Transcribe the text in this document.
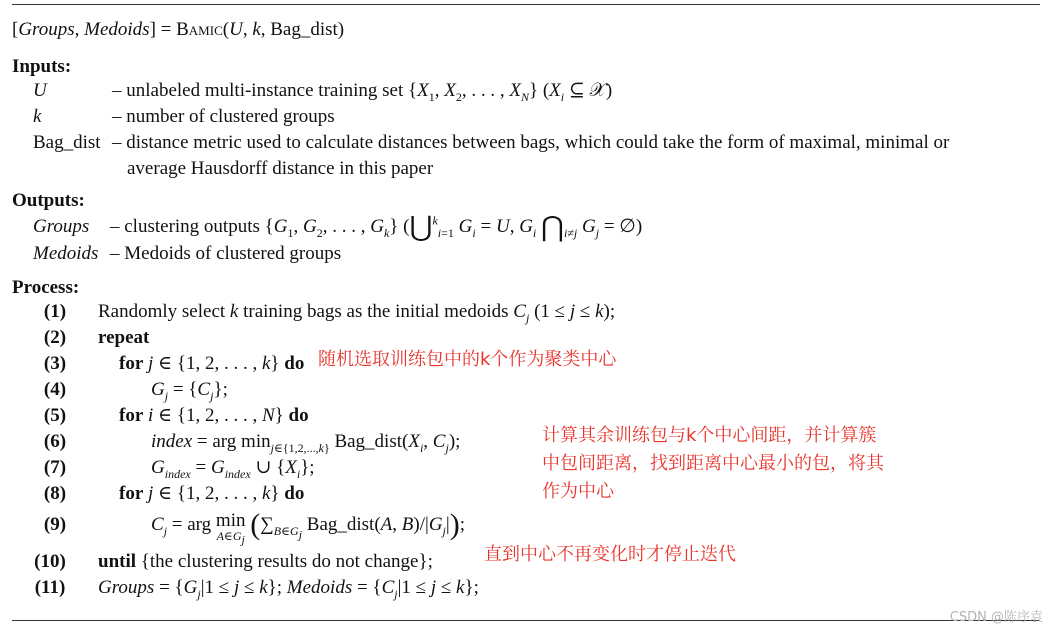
[Groups, Medoids] = Bamic(U, k, Bag_dist)
Inputs:
U	– unlabeled multi-instance training set {$X_1$, $X_2$, . . . , $X_N$} ($X_i$ ⊆ 𝒳)
k	– number of clustered groups
Bag_dist – distance metric used to calculate distances between bags, which could take the form of maximal, minimal or
average Hausdorff distance in this paper
Outputs:
Groups – clustering outputs {$G_1$, $G_2$, . . . , $G_k$} (⋃$^k_{i=1}$ $G_i = U$, $G_i$ $⋂_{i\ne j}$ $G_j$ = ∅)
Medoids – Medoids of clustered groups
Process:
(1)	Randomly select k training bags as the initial medoids $C_j$ (1 ≤ j ≤ k);
(2)	repeat
(3)	for j ∈ {1, 2, . . . , k} do
(4)	$G_j = \{C_j\}$;
(5)	for i ∈ {1, 2, . . . , N} do
(6)	index = arg $\min_{j\in\{1,2,...,k\}}$ $Bag\_dist(X_i$, $C_j$);
(7)	$G_{index} = G_{index}$ ∪ $\{X_i\}$;
(8)	for j ∈ {1, 2, . . . , k} do
(9)	$C_j$ = arg min
$A\in G_j$ ($\sum_{B\in G_j}$ Bag_dist(A, $B)/|G_j|$);
(10)	until {the clustering results do not change};
(11)	Groups = $\{G_j|1 \le j \le k\}$; Medoids = $\{C_j|1 \le j \le k\}$;
随机选取训练包中的k个作为聚类中心
计算其余训练包与k个中心间距，并计算簇
中包间距离，找到距离中心最小的包，将其
作为中心
直到中心不再变化时才停止迭代
CSDN @陈序袁
